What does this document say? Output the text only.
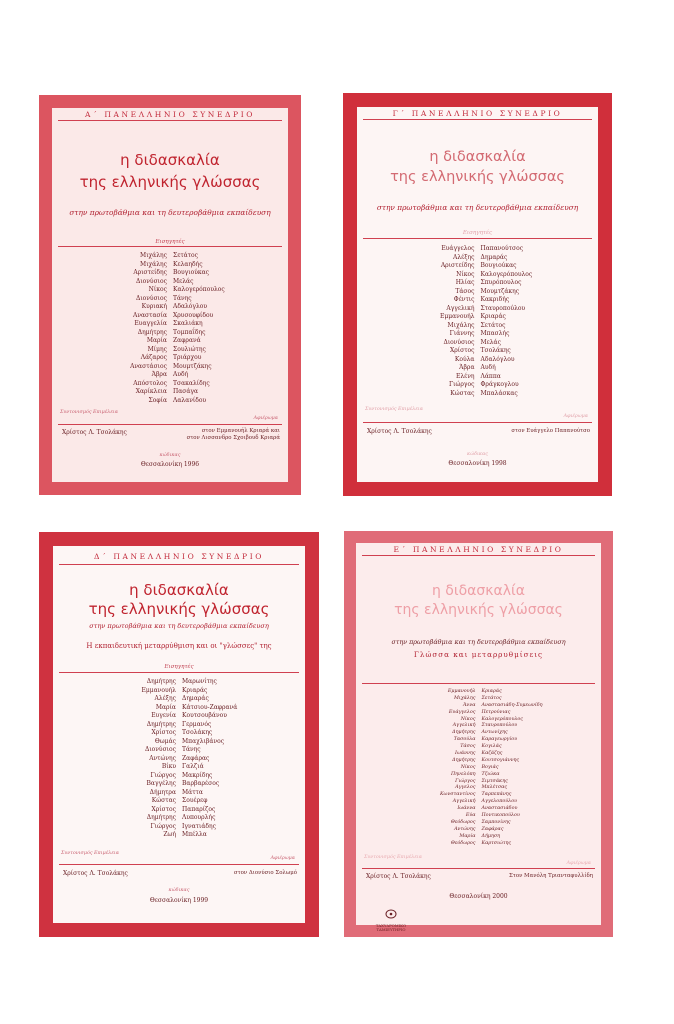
Α΄ ΠΑΝΕΛΛΗΝΙΟ ΣΥΝΕΔΡΙΟ
η διδασκαλία
της ελληνικής γλώσσας
στην πρωτοβάθμια και τη δευτεροβάθμια εκπαίδευση
Εισηγητές
Μιχάλης	Σετάτος
Μιχάλης	Κελαηδής
Αριστείδης	Βουγιούκας
Διονύσιος	Μελάς
Νίκος	Καλογερόπουλος
Διονύσιος	Τάνης
Κυριακή	Αδαλόγλου
Αναστασία	Χρυσουφίδου
Ευαγγελία	Σκαλιάκη
Δημήτρης	Τομπαΐδης
Μαρία	Ζαφρανά
Μίμης	Σουλιώτης
Λάζαρος	Τριάρχου
Αναστάσιος	Μουμτζάκης
Άβρα	Αυδή
Απόστολος	Τσακαλίδης
Χαρίκλεια	Πασάγα
Σοφία	Λαλανίδου
Συντονισμός Επιμέλεια
Αφιέρωμα
Χρίστος Λ. Τσολάκης	στον Εμμανουήλ Κριαρά και
στον Λισσανδρο Σχοιβουδ Κριαρά
κώδικας
Θεσσαλονίκη 1996
Γ΄ ΠΑΝΕΛΛΗΝΙΟ ΣΥΝΕΔΡΙΟ
η διδασκαλία
της ελληνικής γλώσσας
στην πρωτοβάθμια και τη δευτεροβάθμια εκπαίδευση
Εισηγητές
Ευάγγελος	Παπανούτσος
Αλέξης	Δημαράς
Αριστείδης	Βουγιούκας
Νίκος	Καλογερόπουλος
Ηλίας	Σπυρόπουλος
Τάσος	Μουμτζάκης
Φέντις	Κακριδής
Αγγελική	Σταυροπούλου
Εμμανουήλ	Κριαράς
Μιχάλης	Σετάτος
Γιάννης	Μπασλής
Διονύσιος	Μελάς
Χρίστος	Τσολάκης
Κούλα	Αδαλόγλου
Άβρα	Αυδή
Ελένη	Λάππα
Γιώργος	Φράγκογλου
Κώστας	Μπαλάσκας
Συντονισμός Επιμέλεια
Αφιέρωμα
Χρίστος Λ. Τσολάκης	στον Ευάγγελο Παπανούτσο
κώδικας
Θεσσαλονίκη 1998
Δ΄ ΠΑΝΕΛΛΗΝΙΟ ΣΥΝΕΔΡΙΟ
η διδασκαλία
της ελληνικής γλώσσας
στην πρωτοβάθμια και τη δευτεροβάθμια εκπαίδευση
Η εκπαιδευτική μεταρρύθμιση και οι "γλώσσες" της
Εισηγητές
Δημήτρης	Μαρωνίτης
Εμμανουήλ	Κριαράς
Αλέξης	Δημαράς
Μαρία	Κάτσιου-Ζαφρανά
Ευγενία	Κουτσουβάνου
Δημήτρης	Γερμανός
Χρίστος	Τσολάκης
Θωμάς	Μπαχλιβάνος
Διονύσιος	Τάνης
Αντώνης	Ζαφάρας
Βίκυ	Γαλζιά
Γιώργος	Μακρίδης
Βαγγέλης	Βαρβαρέσος
Δήμητρα	Μάττα
Κώστας	Σουέρεφ
Χρίστος	Παπαρίζος
Δημήτρης	Λυπουρλής
Γιώργος	Ιγνατιάδης
Ζωή	Μπέλλα
Συντονισμός Επιμέλεια
Αφιέρωμα
Χρίστος Λ. Τσολάκης	στον Διονύσιο Σολωμό
κώδικας
Θεσσαλονίκη 1999
Ε΄ ΠΑΝΕΛΛΗΝΙΟ ΣΥΝΕΔΡΙΟ
η διδασκαλία
της ελληνικής γλώσσας
στην πρωτοβάθμια και τη δευτεροβάθμια εκπαίδευση
Γλώσσα και μεταρρυθμίσεις
Εμμανουήλ	Κριαράς
Μιχάλης	Σετάτος
Άννα	Αναστασιάδη-Συμεωνίδη
Ευάγγελος	Πετρούνιας
Νίκος	Καλογερόπουλος
Αγγελική	Σταυροπούλου
Δημήτρης	Αντωνίχης
Τασούλα	Καραγεωργίου
Τάσος	Κογιλάς
Ιωάννης	Καζάζης
Δημήτρης	Κουτσογιάννης
Νίκος	Βογιάς
Πηνελόπη	Τζιώκα
Γιώργος	Σιμτσάκης
Αγγελος	Μπλέτσας
Κωνσταντίνος	Ταρπεπάνης
Αγγελική	Αγγελοπούλου
Ιωάννα	Αναστασιάδου
Εύα	Ποντικοπούλου
Θεόδωρος	Σαμπονίνης
Αντώνης	Ζαφάρας
Μαρία	Δήμηση
Θεόδωρος	Καρτσιώτης
Συντονισμός Επιμέλεια
Αφιέρωμα
Χρίστος Λ. Τσολάκης	Στον Μανόλη Τριανταφυλλίδη
Θεσσαλονίκη 2000
ΤΑΧΥΔΡΟΜΙΚΟ ΤΑΜΙΕΥΤΗΡΙΟ
